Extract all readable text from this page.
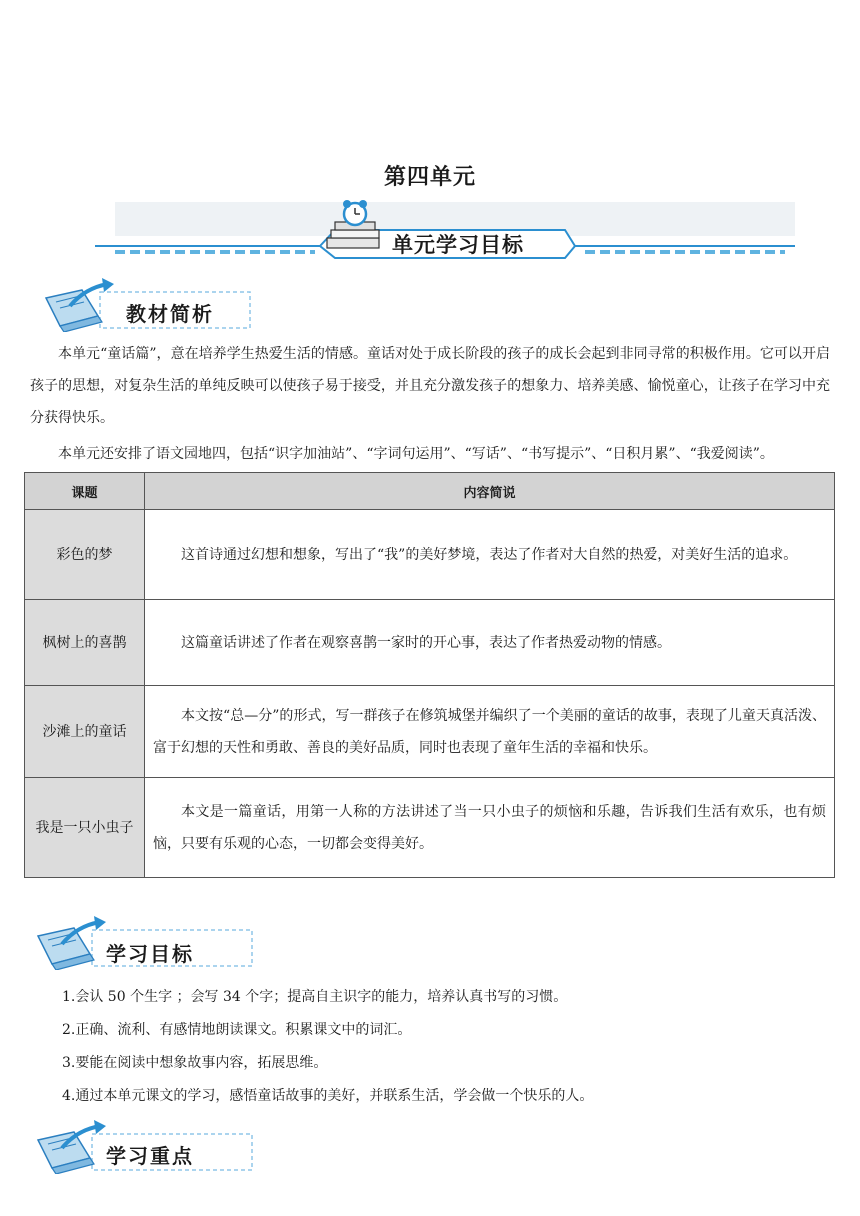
第四单元
单元学习目标
教材简析

本单元“童话篇”，意在培养学生热爱生活的情感。童话对处于成长阶段的孩子的成长会起到非同寻常的积极作用。它可以开启孩子的思想，对复杂生活的单纯反映可以使孩子易于接受，并且充分激发孩子的想象力、培养美感、愉悦童心，让孩子在学习中充分获得快乐。

本单元还安排了语文园地四，包括“识字加油站”、“字词句运用”、“写话”、“书写提示”、“日积月累”、“我爱阅读”。

课题	内容简说
彩色的梦	这首诗通过幻想和想象，写出了“我”的美好梦境，表达了作者对大自然的热爱，对美好生活的追求。
枫树上的喜鹊	这篇童话讲述了作者在观察喜鹊一家时的开心事，表达了作者热爱动物的情感。
沙滩上的童话	本文按“总—分”的形式，写一群孩子在修筑城堡并编织了一个美丽的童话的故事，表现了儿童天真活泼、富于幻想的天性和勇敢、善良的美好品质，同时也表现了童年生活的幸福和快乐。
我是一只小虫子	本文是一篇童话，用第一人称的方法讲述了当一只小虫子的烦恼和乐趣，告诉我们生活有欢乐，也有烦恼，只要有乐观的心态，一切都会变得美好。
学习目标
1.会认 50 个生字 ；会写 34 个字；提高自主识字的能力，培养认真书写的习惯。
2.正确、流利、有感情地朗读课文。积累课文中的词汇。
3.要能在阅读中想象故事内容，拓展思维。
4.通过本单元课文的学习，感悟童话故事的美好，并联系生活，学会做一个快乐的人。
学习重点
